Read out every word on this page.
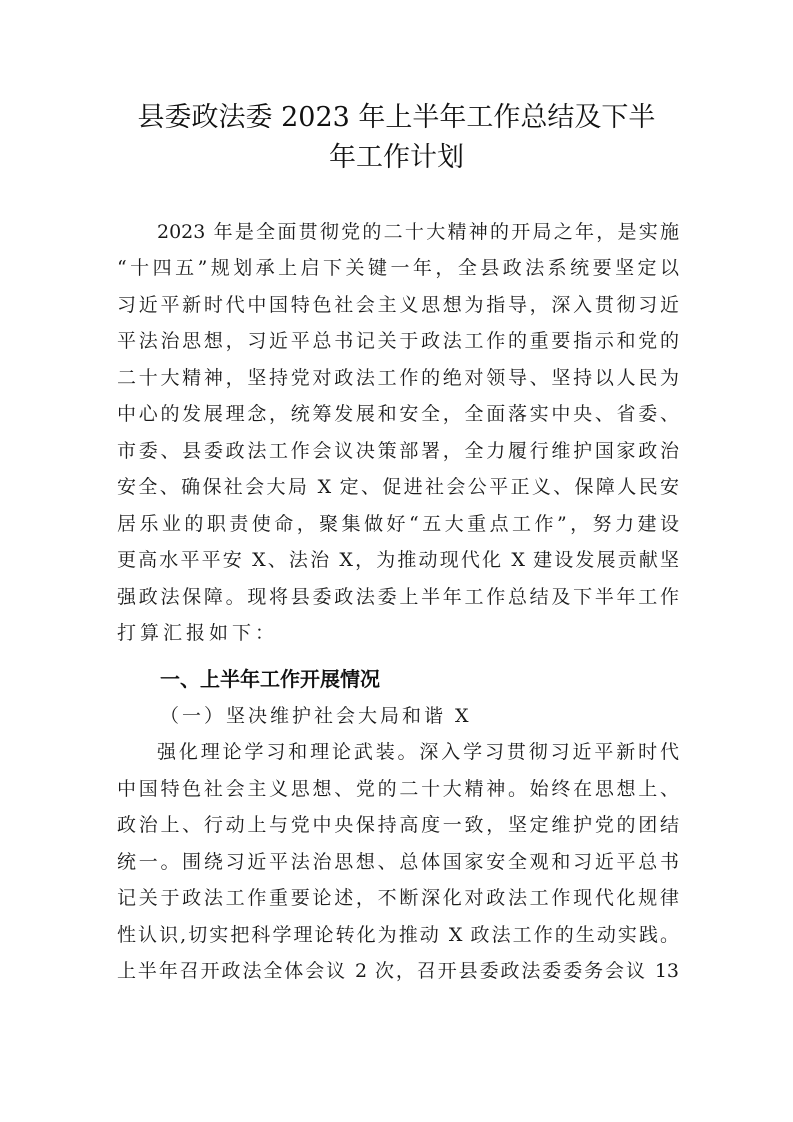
县委政法委 2023 年上半年工作总结及下半
年工作计划
2023 年是全面贯彻党的二十大精神的开局之年，是实施
“十四五”规划承上启下关键一年，全县政法系统要坚定以
习近平新时代中国特色社会主义思想为指导，深入贯彻习近
平法治思想，习近平总书记关于政法工作的重要指示和党的
二十大精神，坚持党对政法工作的绝对领导、坚持以人民为
中心的发展理念，统筹发展和安全，全面落实中央、省委、
市委、县委政法工作会议决策部署，全力履行维护国家政治
安全、确保社会大局 X 定、促进社会公平正义、保障人民安
居乐业的职责使命，聚集做好“五大重点工作”，努力建设
更高水平平安 X、法治 X，为推动现代化 X 建设发展贡献坚
强政法保障。现将县委政法委上半年工作总结及下半年工作
打算汇报如下：
一、上半年工作开展情况
（一）坚决维护社会大局和谐 X
强化理论学习和理论武装。深入学习贯彻习近平新时代
中国特色社会主义思想、党的二十大精神。始终在思想上、
政治上、行动上与党中央保持高度一致，坚定维护党的团结
统一。围绕习近平法治思想、总体国家安全观和习近平总书
记关于政法工作重要论述，不断深化对政法工作现代化规律
性认识,切实把科学理论转化为推动 X 政法工作的生动实践。
上半年召开政法全体会议 2 次，召开县委政法委委务会议 13
